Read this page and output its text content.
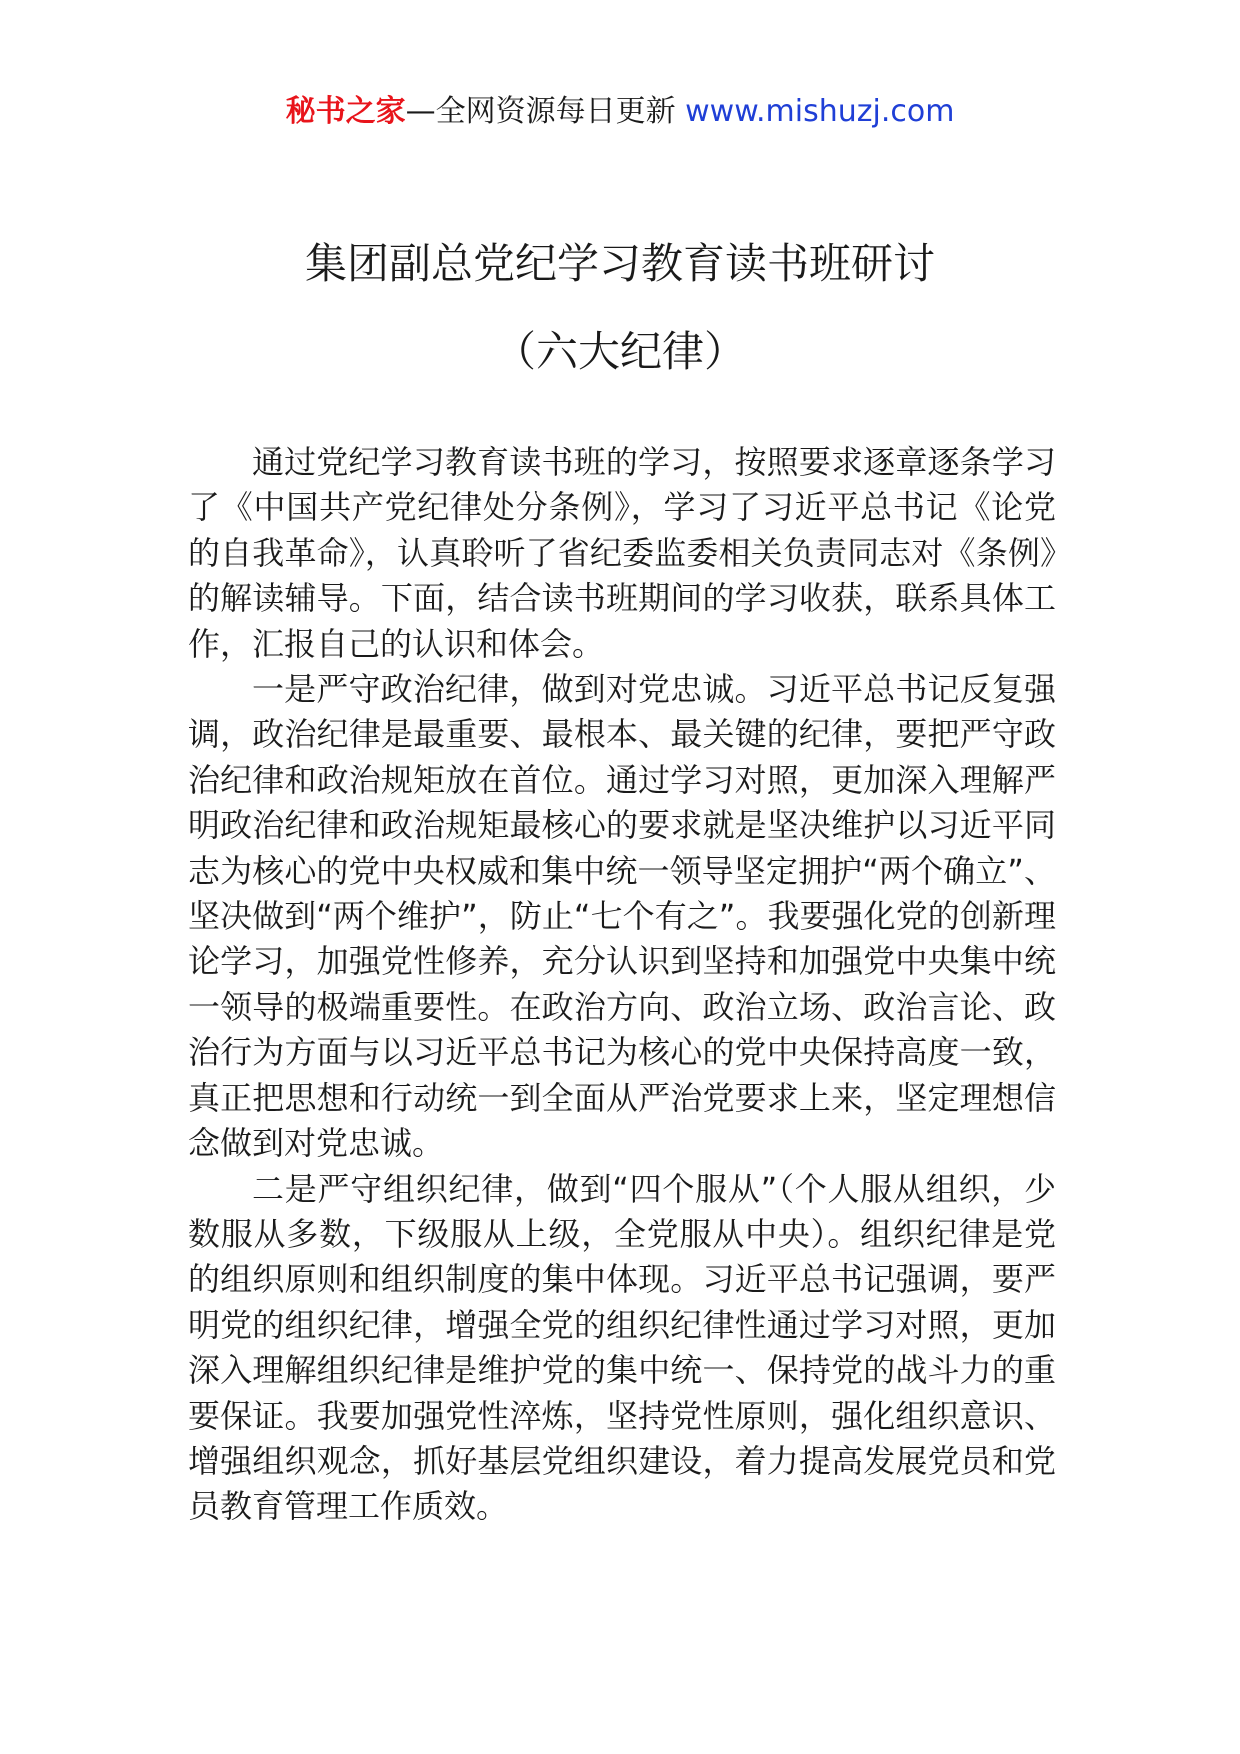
秘书之家—全网资源每日更新 www.mishuzj.com
集团副总党纪学习教育读书班研讨
（六大纪律）

通过党纪学习教育读书班的学习，按照要求逐章逐条学习了《中国共产党纪律处分条例》，学习了习近平总书记《论党的自我革命》，认真聆听了省纪委监委相关负责同志对《条例》的解读辅导。下面，结合读书班期间的学习收获，联系具体工作，汇报自己的认识和体会。

一是严守政治纪律，做到对党忠诚。习近平总书记反复强调，政治纪律是最重要、最根本、最关键的纪律，要把严守政治纪律和政治规矩放在首位。通过学习对照，更加深入理解严明政治纪律和政治规矩最核心的要求就是坚决维护以习近平同志为核心的党中央权威和集中统一领导坚定拥护“两个确立”、坚决做到“两个维护”，防止“七个有之”。我要强化党的创新理论学习，加强党性修养，充分认识到坚持和加强党中央集中统一领导的极端重要性。在政治方向、政治立场、政治言论、政治行为方面与以习近平总书记为核心的党中央保持高度一致，真正把思想和行动统一到全面从严治党要求上来，坚定理想信念做到对党忠诚。

二是严守组织纪律，做到“四个服从”（个人服从组织，少数服从多数，下级服从上级，全党服从中央）。组织纪律是党的组织原则和组织制度的集中体现。习近平总书记强调，要严明党的组织纪律，增强全党的组织纪律性通过学习对照，更加深入理解组织纪律是维护党的集中统一、保持党的战斗力的重要保证。我要加强党性淬炼，坚持党性原则，强化组织意识、增强组织观念，抓好基层党组织建设，着力提高发展党员和党员教育管理工作质效。
